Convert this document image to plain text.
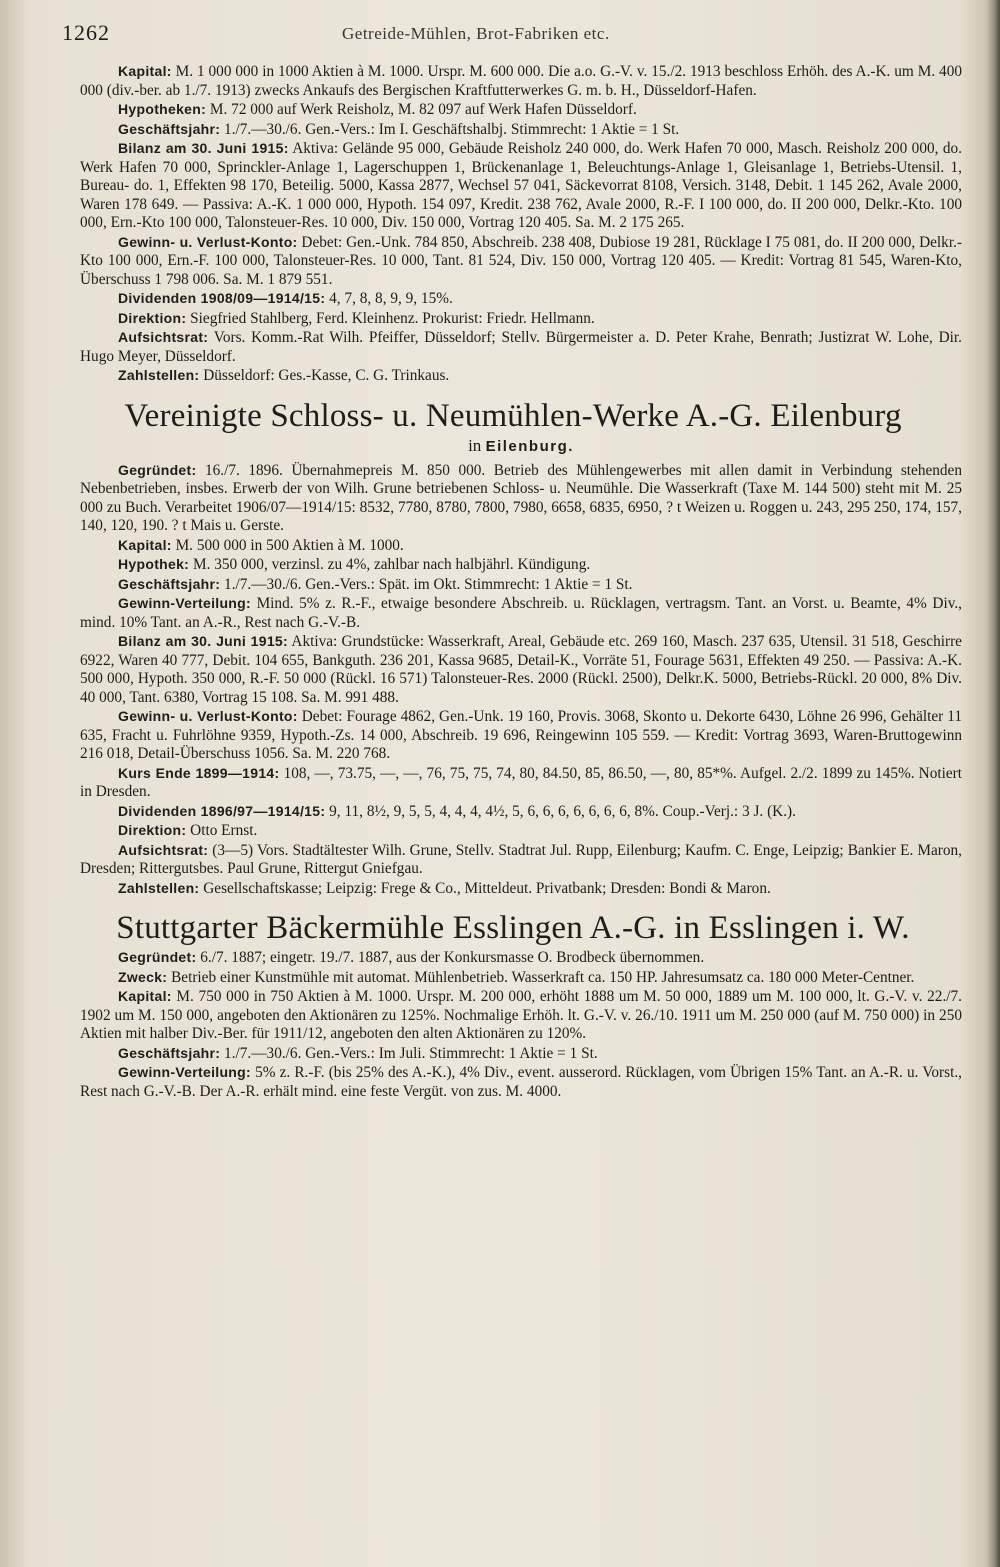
1262	Getreide-Mühlen, Brot-Fabriken etc.

Kapital: M. 1 000 000 in 1000 Aktien à M. 1000. Urspr. M. 600 000. Die a.o. G.-V. v. 15./2. 1913 beschloss Erhöh. des A.-K. um M. 400 000 (div.-ber. ab 1./7. 1913) zwecks Ankaufs des Bergischen Kraftfutterwerkes G. m. b. H., Düsseldorf-Hafen.

Hypotheken: M. 72 000 auf Werk Reisholz, M. 82 097 auf Werk Hafen Düsseldorf.

Geschäftsjahr: 1./7.—30./6. Gen.-Vers.: Im I. Geschäftshalbj. Stimmrecht: 1 Aktie = 1 St.

Bilanz am 30. Juni 1915: Aktiva: Gelände 95 000, Gebäude Reisholz 240 000, do. Werk Hafen 70 000, Masch. Reisholz 200 000, do. Werk Hafen 70 000, Sprinckler-Anlage 1, Lagerschuppen 1, Brückenanlage 1, Beleuchtungs-Anlage 1, Gleisanlage 1, Betriebs-Utensil. 1, Bureau- do. 1, Effekten 98 170, Beteilig. 5000, Kassa 2877, Wechsel 57 041, Säckevorrat 8108, Versich. 3148, Debit. 1 145 262, Avale 2000, Waren 178 649. — Passiva: A.-K. 1 000 000, Hypoth. 154 097, Kredit. 238 762, Avale 2000, R.-F. I 100 000, do. II 200 000, Delkr.-Kto. 100 000, Ern.-Kto 100 000, Talonsteuer-Res. 10 000, Div. 150 000, Vortrag 120 405. Sa. M. 2 175 265.

Gewinn- u. Verlust-Konto: Debet: Gen.-Unk. 784 850, Abschreib. 238 408, Dubiose 19 281, Rücklage I 75 081, do. II 200 000, Delkr.-Kto 100 000, Ern.-F. 100 000, Talonsteuer-Res. 10 000, Tant. 81 524, Div. 150 000, Vortrag 120 405. — Kredit: Vortrag 81 545, Waren-Kto, Überschuss 1 798 006. Sa. M. 1 879 551.

Dividenden 1908/09—1914/15: 4, 7, 8, 8, 9, 9, 15%.

Direktion: Siegfried Stahlberg, Ferd. Kleinhenz. Prokurist: Friedr. Hellmann.

Aufsichtsrat: Vors. Komm.-Rat Wilh. Pfeiffer, Düsseldorf; Stellv. Bürgermeister a. D. Peter Krahe, Benrath; Justizrat W. Lohe, Dir. Hugo Meyer, Düsseldorf.

Zahlstellen: Düsseldorf: Ges.-Kasse, C. G. Trinkaus.

Vereinigte Schloss- u. Neumühlen-Werke A.-G. Eilenburg
in Eilenburg.

Gegründet: 16./7. 1896. Übernahmepreis M. 850 000. Betrieb des Mühlengewerbes mit allen damit in Verbindung stehenden Nebenbetrieben, insbes. Erwerb der von Wilh. Grune betriebenen Schloss- u. Neumühle. Die Wasserkraft (Taxe M. 144 500) steht mit M. 25 000 zu Buch. Verarbeitet 1906/07—1914/15: 8532, 7780, 8780, 7800, 7980, 6658, 6835, 6950, ? t Weizen u. Roggen u. 243, 295 250, 174, 157, 140, 120, 190. ? t Mais u. Gerste.

Kapital: M. 500 000 in 500 Aktien à M. 1000.

Hypothek: M. 350 000, verzinsl. zu 4%, zahlbar nach halbjährl. Kündigung.

Geschäftsjahr: 1./7.—30./6. Gen.-Vers.: Spät. im Okt. Stimmrecht: 1 Aktie = 1 St.

Gewinn-Verteilung: Mind. 5% z. R.-F., etwaige besondere Abschreib. u. Rücklagen, vertragsm. Tant. an Vorst. u. Beamte, 4% Div., mind. 10% Tant. an A.-R., Rest nach G.-V.-B.

Bilanz am 30. Juni 1915: Aktiva: Grundstücke: Wasserkraft, Areal, Gebäude etc. 269 160, Masch. 237 635, Utensil. 31 518, Geschirre 6922, Waren 40 777, Debit. 104 655, Bankguth. 236 201, Kassa 9685, Detail-K., Vorräte 51, Fourage 5631, Effekten 49 250. — Passiva: A.-K. 500 000, Hypoth. 350 000, R.-F. 50 000 (Rückl. 16 571) Talonsteuer-Res. 2000 (Rückl. 2500), Delkr.K. 5000, Betriebs-Rückl. 20 000, 8% Div. 40 000, Tant. 6380, Vortrag 15 108. Sa. M. 991 488.

Gewinn- u. Verlust-Konto: Debet: Fourage 4862, Gen.-Unk. 19 160, Provis. 3068, Skonto u. Dekorte 6430, Löhne 26 996, Gehälter 11 635, Fracht u. Fuhrlöhne 9359, Hypoth.-Zs. 14 000, Abschreib. 19 696, Reingewinn 105 559. — Kredit: Vortrag 3693, Waren-Bruttogewinn 216 018, Detail-Überschuss 1056. Sa. M. 220 768.

Kurs Ende 1899—1914: 108, —, 73.75, —, —, 76, 75, 75, 74, 80, 84.50, 85, 86.50, —, 80, 85*%. Aufgel. 2./2. 1899 zu 145%. Notiert in Dresden.

Dividenden 1896/97—1914/15: 9, 11, 8½, 9, 5, 5, 4, 4, 4, 4½, 5, 6, 6, 6, 6, 6, 6, 6, 8%. Coup.-Verj.: 3 J. (K.).

Direktion: Otto Ernst.

Aufsichtsrat: (3—5) Vors. Stadtältester Wilh. Grune, Stellv. Stadtrat Jul. Rupp, Eilenburg; Kaufm. C. Enge, Leipzig; Bankier E. Maron, Dresden; Rittergutsbes. Paul Grune, Rittergut Gniefgau.

Zahlstellen: Gesellschaftskasse; Leipzig: Frege & Co., Mitteldeut. Privatbank; Dresden: Bondi & Maron.

Stuttgarter Bäckermühle Esslingen A.-G. in Esslingen i. W.

Gegründet: 6./7. 1887; eingetr. 19./7. 1887, aus der Konkursmasse O. Brodbeck übernommen.

Zweck: Betrieb einer Kunstmühle mit automat. Mühlenbetrieb. Wasserkraft ca. 150 HP. Jahresumsatz ca. 180 000 Meter-Centner.

Kapital: M. 750 000 in 750 Aktien à M. 1000. Urspr. M. 200 000, erhöht 1888 um M. 50 000, 1889 um M. 100 000, lt. G.-V. v. 22./7. 1902 um M. 150 000, angeboten den Aktionären zu 125%. Nochmalige Erhöh. lt. G.-V. v. 26./10. 1911 um M. 250 000 (auf M. 750 000) in 250 Aktien mit halber Div.-Ber. für 1911/12, angeboten den alten Aktionären zu 120%.

Geschäftsjahr: 1./7.—30./6. Gen.-Vers.: Im Juli. Stimmrecht: 1 Aktie = 1 St.

Gewinn-Verteilung: 5% z. R.-F. (bis 25% des A.-K.), 4% Div., event. ausserord. Rücklagen, vom Übrigen 15% Tant. an A.-R. u. Vorst., Rest nach G.-V.-B. Der A.-R. erhält mind. eine feste Vergüt. von zus. M. 4000.
